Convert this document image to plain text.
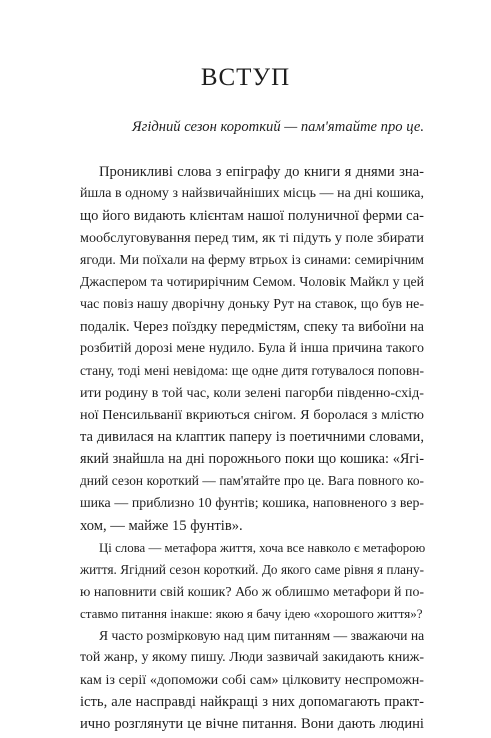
ВСТУП
Ягідний сезон короткий — пам'ятайте про це.
Проникливі слова з епіграфу до книги я днями зна-
йшла в одному з найзвичайніших місць — на дні кошика,
що його видають клієнтам нашої полуничної ферми са-
мообслуговування перед тим, як ті підуть у поле збирати
ягоди. Ми поїхали на ферму втрьох із синами: семирічним
Джаспером та чотирирічним Семом. Чоловік Майкл у цей
час повіз нашу дворічну доньку Рут на ставок, що був не-
подалік. Через поїздку передмістям, спеку та вибоїни на
розбитій дорозі мене нудило. Була й інша причина такого
стану, тоді мені невідома: ще одне дитя готувалося поповн-
ити родину в той час, коли зелені пагорби південно-схід-
ної Пенсильванії вкриються снігом. Я боролася з млістю
та дивилася на клаптик паперу із поетичними словами,
який знайшла на дні порожнього поки що кошика: «Ягі-
дний сезон короткий — пам'ятайте про це. Вага повного ко-
шика — приблизно 10 фунтів; кошика, наповненого з вер-
хом, — майже 15 фунтів».
Ці слова — метафора життя, хоча все навколо є метафорою
життя. Ягідний сезон короткий. До якого саме рівня я плану-
ю наповнити свій кошик? Або ж облишмо метафори й по-
ставмо питання інакше: якою я бачу ідею «хорошого життя»?
Я часто розмірковую над цим питанням — зважаючи на
той жанр, у якому пишу. Люди зазвичай закидають книж-
кам із серії «допоможи собі сам» цілковиту неспроможн-
ість, але насправді найкращі з них допомагають практ-
ично розглянути це вічне питання. Вони дають людині
